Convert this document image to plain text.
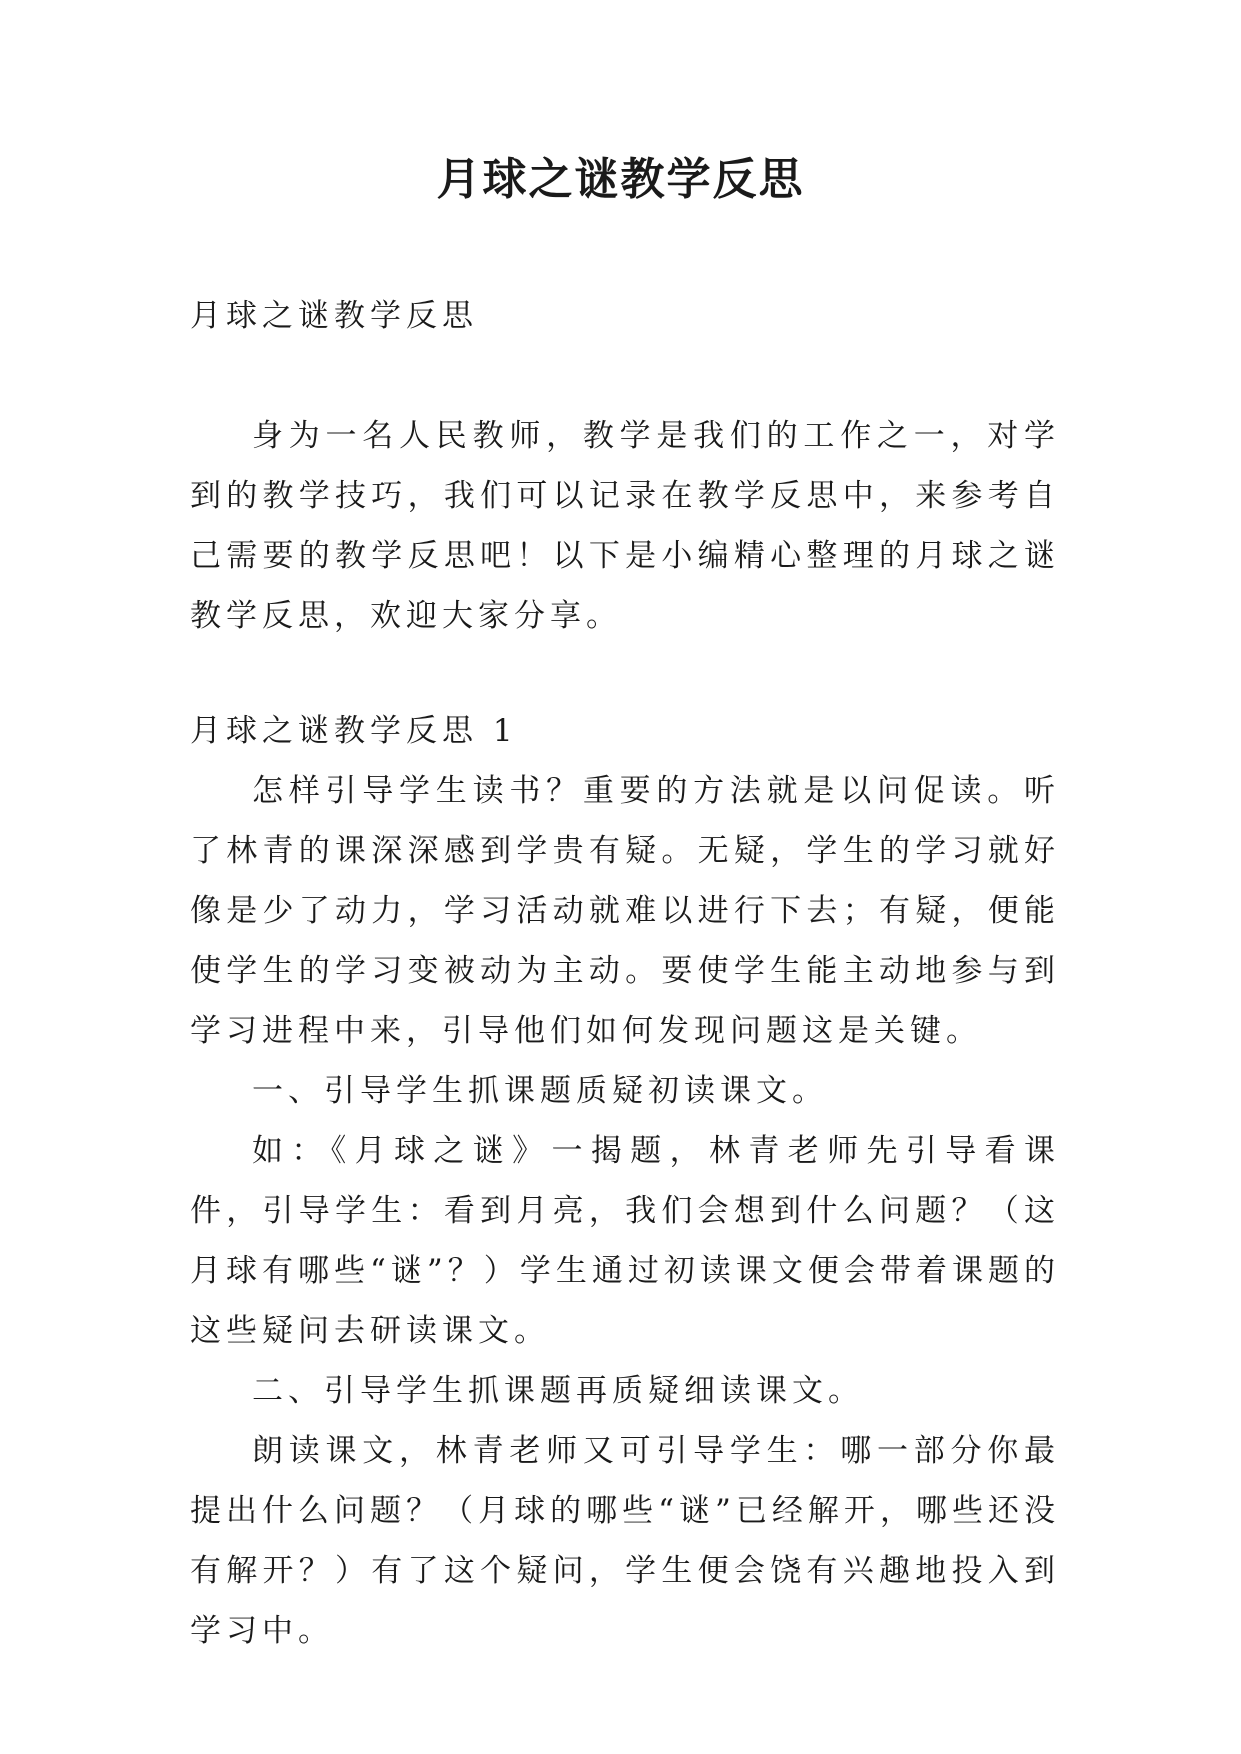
月球之谜教学反思

月球之谜教学反思

身为一名人民教师，教学是我们的工作之一，对学到的教学技巧，我们可以记录在教学反思中，来参考自己需要的教学反思吧！以下是小编精心整理的月球之谜教学反思，欢迎大家分享。

月球之谜教学反思 1

怎样引导学生读书？重要的方法就是以问促读。听了林青的课深深感到学贵有疑。无疑，学生的学习就好像是少了动力，学习活动就难以进行下去；有疑，便能使学生的学习变被动为主动。要使学生能主动地参与到学习进程中来，引导他们如何发现问题这是关键。

一、引导学生抓课题质疑初读课文。

如：《月球之谜》一揭题，林青老师先引导看课件，引导学生：看到月亮，我们会想到什么问题？（这月球有哪些“谜”？）学生通过初读课文便会带着课题的这些疑问去研读课文。

二、引导学生抓课题再质疑细读课文。

朗读课文，林青老师又可引导学生：哪一部分你最提出什么问题？（月球的哪些“谜”已经解开，哪些还没有解开？）有了这个疑问，学生便会饶有兴趣地投入到学习中。
